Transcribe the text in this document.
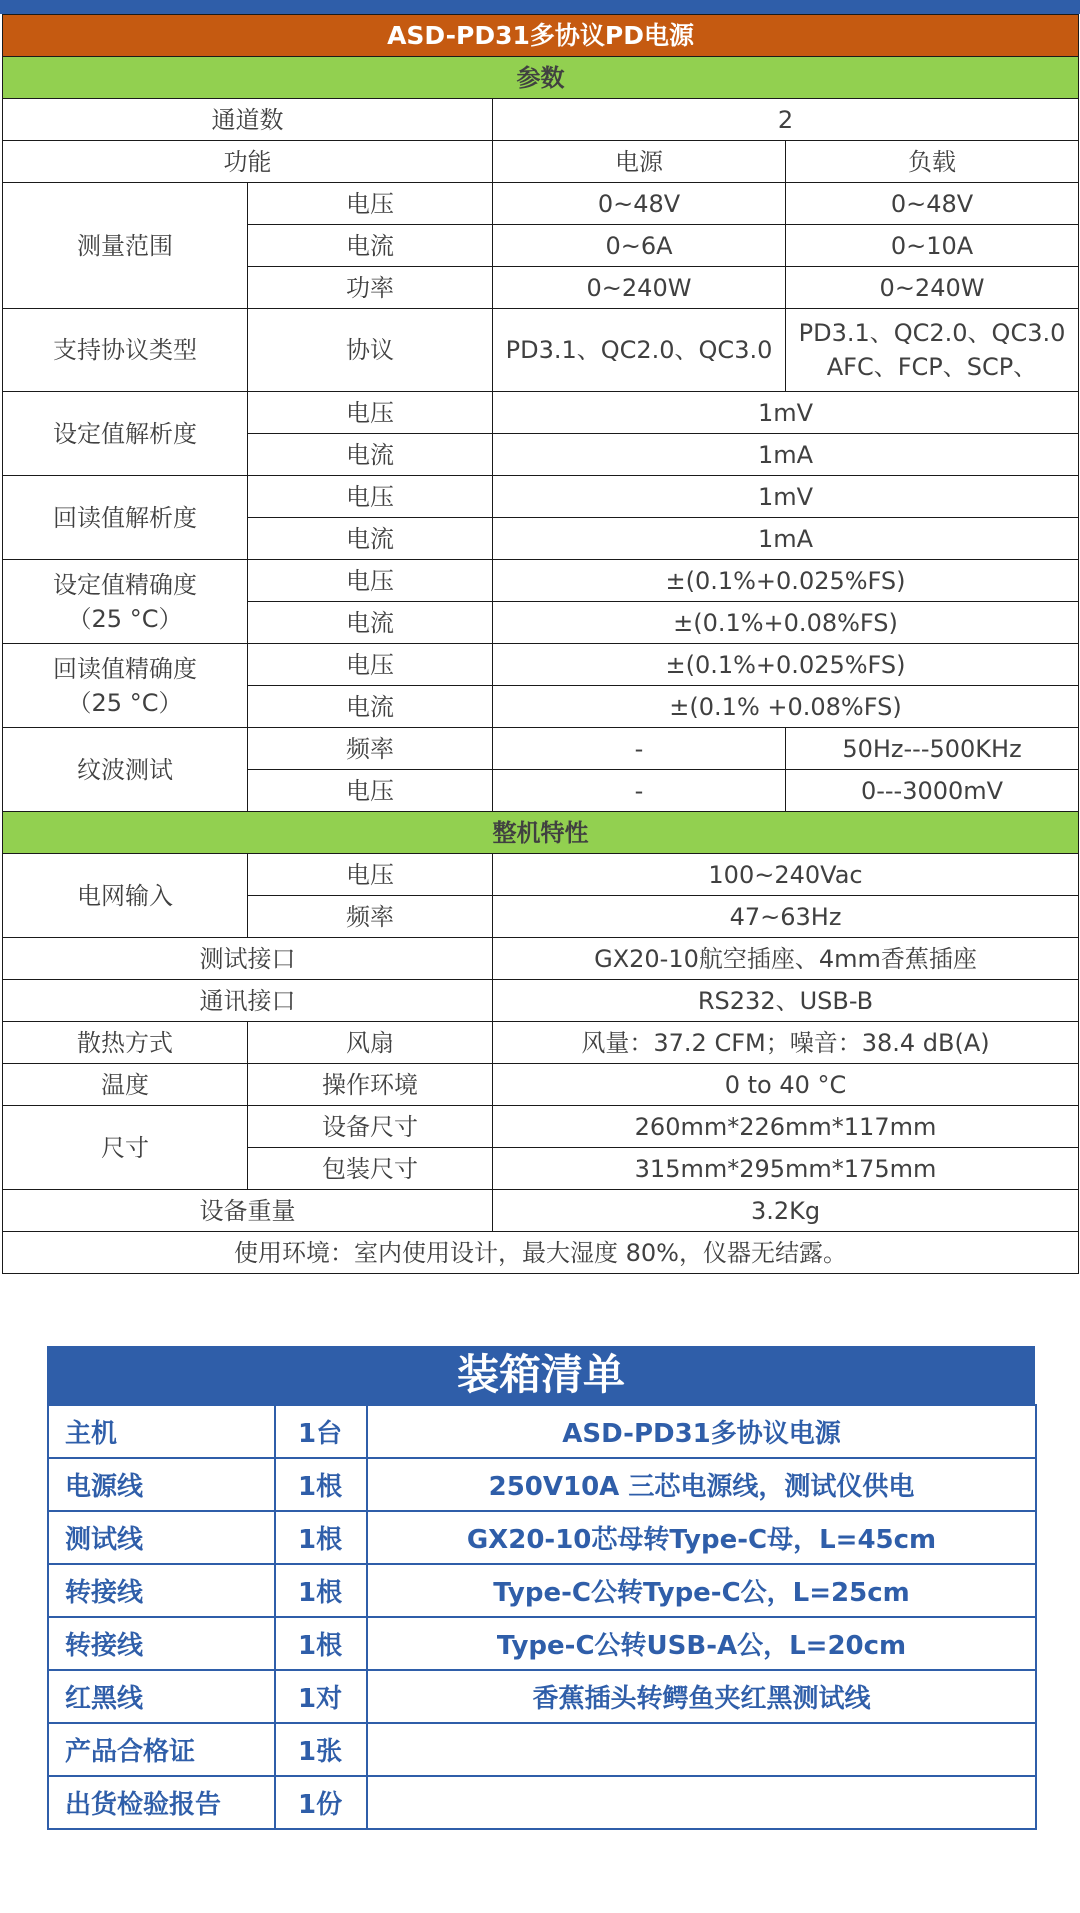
ASD-PD31多协议PD电源			
参数			
通道数		2	
功能		电源	负载
测量范围	电压	0~48V	0~48V
	电流	0~6A	0~10A
	功率	0~240W	0~240W
支持协议类型	协议	PD3.1、QC2.0、QC3.0	PD3.1、QC2.0、QC3.0
AFC、FCP、SCP、

设定值解析度	电压	1mV	
	电流	1mA	
回读值解析度	电压	1mV	
	电流	1mA	

设定值精确度
（25 °C）	电压	±(0.1%+0.025%FS)	
	电流	±(0.1%+0.08%FS)	

回读值精确度
（25 °C）	电压	±(0.1%+0.025%FS)	
	电流	±(0.1% +0.08%FS)	
纹波测试	频率	-	50Hz---500KHz
	电压	-	0---3000mV
整机特性			
电网输入	电压	100~240Vac	
	频率	47~63Hz	
测试接口		GX20-10航空插座、4mm香蕉插座	
通讯接口		RS232、USB-B	
散热方式	风扇	风量：37.2 CFM；噪音：38.4 dB(A)	
温度	操作环境	0 to 40 °C	
尺寸	设备尺寸	260mm*226mm*117mm	
	包装尺寸	315mm*295mm*175mm	
设备重量		3.2Kg	
使用环境：室内使用设计，最大湿度 80%，仪器无结露。			
装箱清单
主机	1台	ASD-PD31多协议电源
电源线	1根	250V10A 三芯电源线，测试仪供电
测试线	1根	GX20-10芯母转Type-C母，L=45cm
转接线	1根	Type-C公转Type-C公，L=25cm
转接线	1根	Type-C公转USB-A公，L=20cm
红黑线	1对	香蕉插头转鳄鱼夹红黑测试线
产品合格证	1张	
出货检验报告	1份	
